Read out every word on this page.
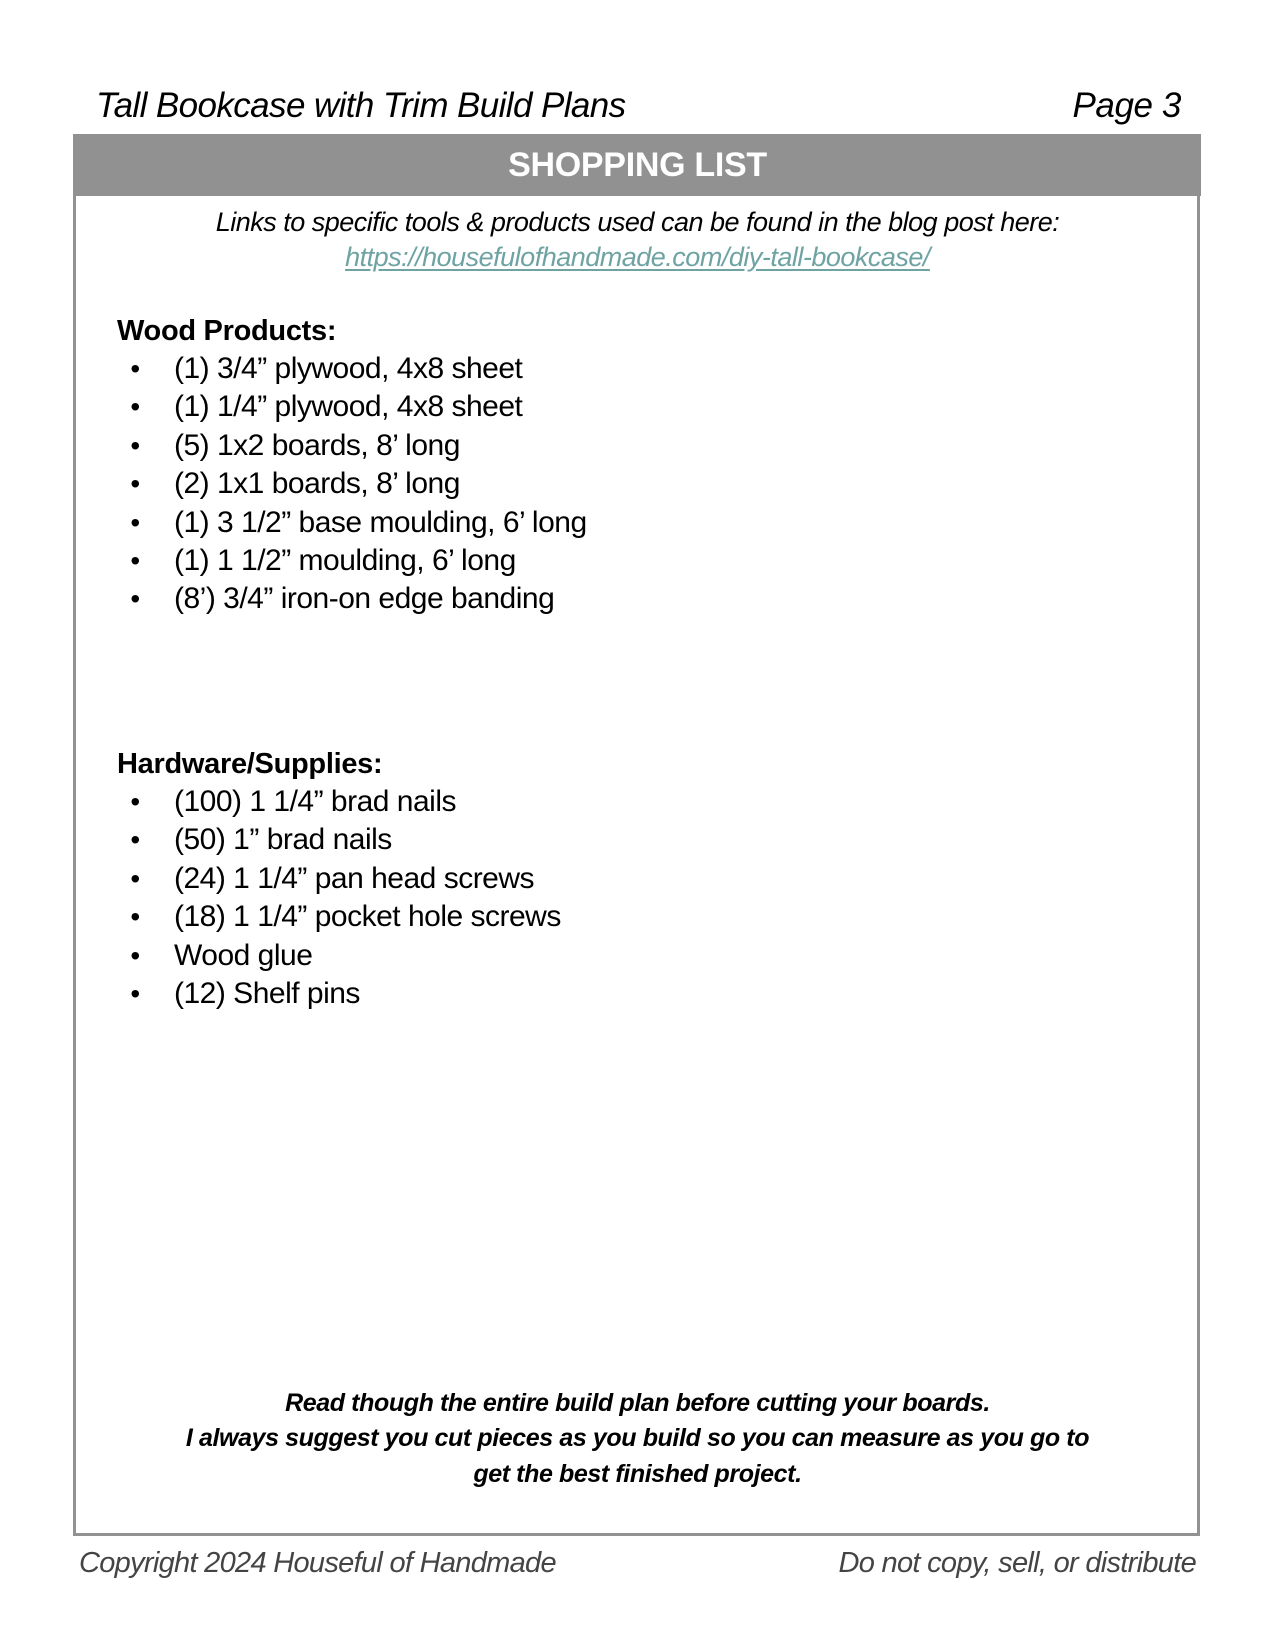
Tall Bookcase with Trim Build Plans	Page 3
SHOPPING LIST
Links to specific tools & products used can be found in the blog post here:
https://housefulofhandmade.com/diy-tall-bookcase/
Wood Products:
• (1) 3/4” plywood, 4x8 sheet
• (1) 1/4” plywood, 4x8 sheet
• (5) 1x2 boards, 8’ long
• (2) 1x1 boards, 8’ long
• (1) 3 1/2” base moulding, 6’ long
• (1) 1 1/2” moulding, 6’ long
• (8’) 3/4” iron-on edge banding
Hardware/Supplies:
• (100) 1 1/4” brad nails
• (50) 1” brad nails
• (24) 1 1/4” pan head screws
• (18) 1 1/4” pocket hole screws
• Wood glue
• (12) Shelf pins
Read though the entire build plan before cutting your boards.
I always suggest you cut pieces as you build so you can measure as you go to
get the best finished project.
Copyright 2024 Houseful of Handmade	Do not copy, sell, or distribute
